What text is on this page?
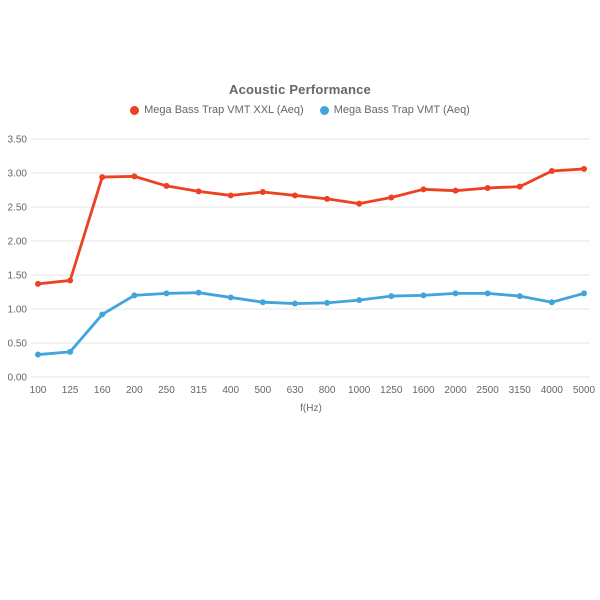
Acoustic Performance
Mega Bass Trap VMT XXL (Aeq)	Mega Bass Trap VMT (Aeq)
0.00
0.50
1.00
1.50
2.00
2.50
3.00
3.50
100 125 160 200 250 315 400 500 630 800 1000 1250 1600 2000 2500 3150 4000 5000
f(Hz)
